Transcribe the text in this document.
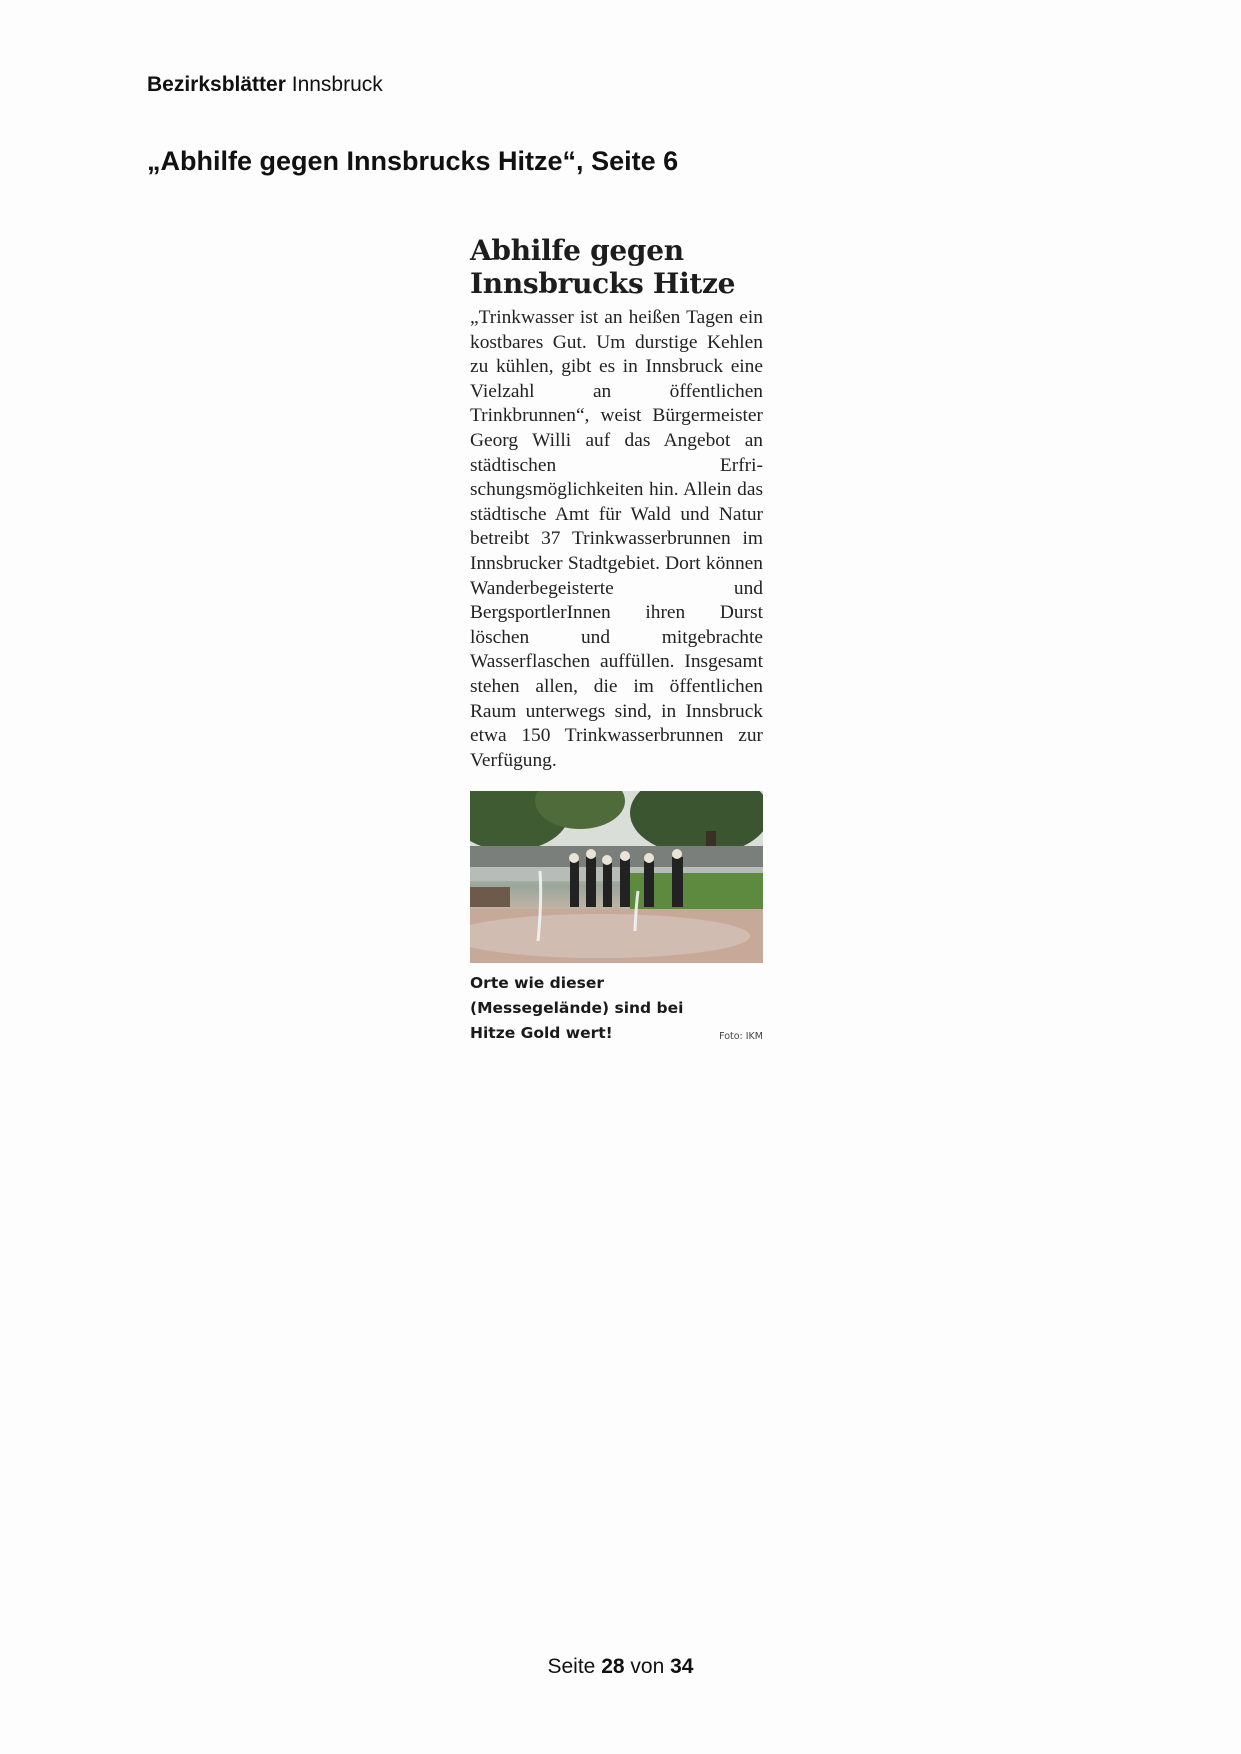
Bezirksblätter Innsbruck
„Abhilfe gegen Innsbrucks Hitze“, Seite 6
Abhilfe gegen
Innsbrucks Hitze
„Trinkwasser ist an heißen Tagen ein kostbares Gut. Um durstige Kehlen zu kühlen, gibt es in Innsbruck eine Vielzahl an öffentlichen Trinkbrunnen“, weist Bürgermeister Georg Willi auf das Angebot an städtischen Erfrischungsmöglichkeiten hin. Allein das städtische Amt für Wald und Natur betreibt 37 Trinkwasserbrunnen im Innsbrucker Stadtgebiet. Dort können Wanderbegeisterte und BergsportlerInnen ihren Durst löschen und mitgebrachte Wasserflaschen auffüllen. Insgesamt stehen allen, die im öffentlichen Raum unterwegs sind, in Innsbruck etwa 150 Trinkwasserbrunnen zur Verfügung.
Orte wie dieser (Messegelände) sind bei Hitze Gold wert!	Foto: IKM
Seite 28 von 34
